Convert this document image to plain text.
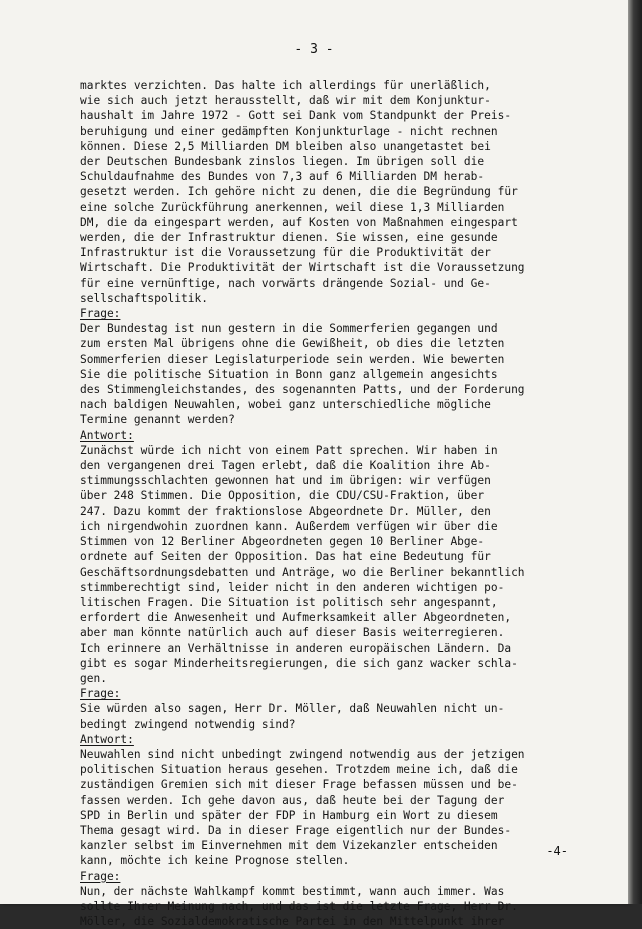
- 3 -

marktes verzichten. Das halte ich allerdings für unerläßlich,
wie sich auch jetzt herausstellt, daß wir mit dem Konjunktur-
haushalt im Jahre 1972 - Gott sei Dank vom Standpunkt der Preis-
beruhigung und einer gedämpften Konjunkturlage - nicht rechnen
können. Diese 2,5 Milliarden DM bleiben also unangetastet bei
der Deutschen Bundesbank zinslos liegen. Im übrigen soll die
Schuldaufnahme des Bundes von 7,3 auf 6 Milliarden DM herab-
gesetzt werden. Ich gehöre nicht zu denen, die die Begründung für
eine solche Zurückführung anerkennen, weil diese 1,3 Milliarden
DM, die da eingespart werden, auf Kosten von Maßnahmen eingespart
werden, die der Infrastruktur dienen. Sie wissen, eine gesunde
Infrastruktur ist die Voraussetzung für die Produktivität der
Wirtschaft. Die Produktivität der Wirtschaft ist die Voraussetzung
für eine vernünftige, nach vorwärts drängende Sozial- und Ge-
sellschaftspolitik.

Frage:

Der Bundestag ist nun gestern in die Sommerferien gegangen und
zum ersten Mal übrigens ohne die Gewißheit, ob dies die letzten
Sommerferien dieser Legislaturperiode sein werden. Wie bewerten
Sie die politische Situation in Bonn ganz allgemein angesichts
des Stimmengleichstandes, des sogenannten Patts, und der Forderung
nach baldigen Neuwahlen, wobei ganz unterschiedliche mögliche
Termine genannt werden?

Antwort:

Zunächst würde ich nicht von einem Patt sprechen. Wir haben in
den vergangenen drei Tagen erlebt, daß die Koalition ihre Ab-
stimmungsschlachten gewonnen hat und im übrigen: wir verfügen
über 248 Stimmen. Die Opposition, die CDU/CSU-Fraktion, über
247. Dazu kommt der fraktionslose Abgeordnete Dr. Müller, den
ich nirgendwohin zuordnen kann. Außerdem verfügen wir über die
Stimmen von 12 Berliner Abgeordneten gegen 10 Berliner Abge-
ordnete auf Seiten der Opposition. Das hat eine Bedeutung für
Geschäftsordnungsdebatten und Anträge, wo die Berliner bekanntlich
stimmberechtigt sind, leider nicht in den anderen wichtigen po-
litischen Fragen. Die Situation ist politisch sehr angespannt,
erfordert die Anwesenheit und Aufmerksamkeit aller Abgeordneten,
aber man könnte natürlich auch auf dieser Basis weiterregieren.
Ich erinnere an Verhältnisse in anderen europäischen Ländern. Da
gibt es sogar Minderheitsregierungen, die sich ganz wacker schla-
gen.

Frage:

Sie würden also sagen, Herr Dr. Möller, daß Neuwahlen nicht un-
bedingt zwingend notwendig sind?

Antwort:

Neuwahlen sind nicht unbedingt zwingend notwendig aus der jetzigen
politischen Situation heraus gesehen. Trotzdem meine ich, daß die
zuständigen Gremien sich mit dieser Frage befassen müssen und be-
fassen werden. Ich gehe davon aus, daß heute bei der Tagung der
SPD in Berlin und später der FDP in Hamburg ein Wort zu diesem
Thema gesagt wird. Da in dieser Frage eigentlich nur der Bundes-
kanzler selbst im Einvernehmen mit dem Vizekanzler entscheiden
kann, möchte ich keine Prognose stellen.

Frage:

Nun, der nächste Wahlkampf kommt bestimmt, wann auch immer. Was
sollte Ihrer Meinung nach, und das ist die letzte Frage, Herr Dr.
Möller, die Sozialdemokratische Partei in den Mittelpunkt ihrer

-4-
